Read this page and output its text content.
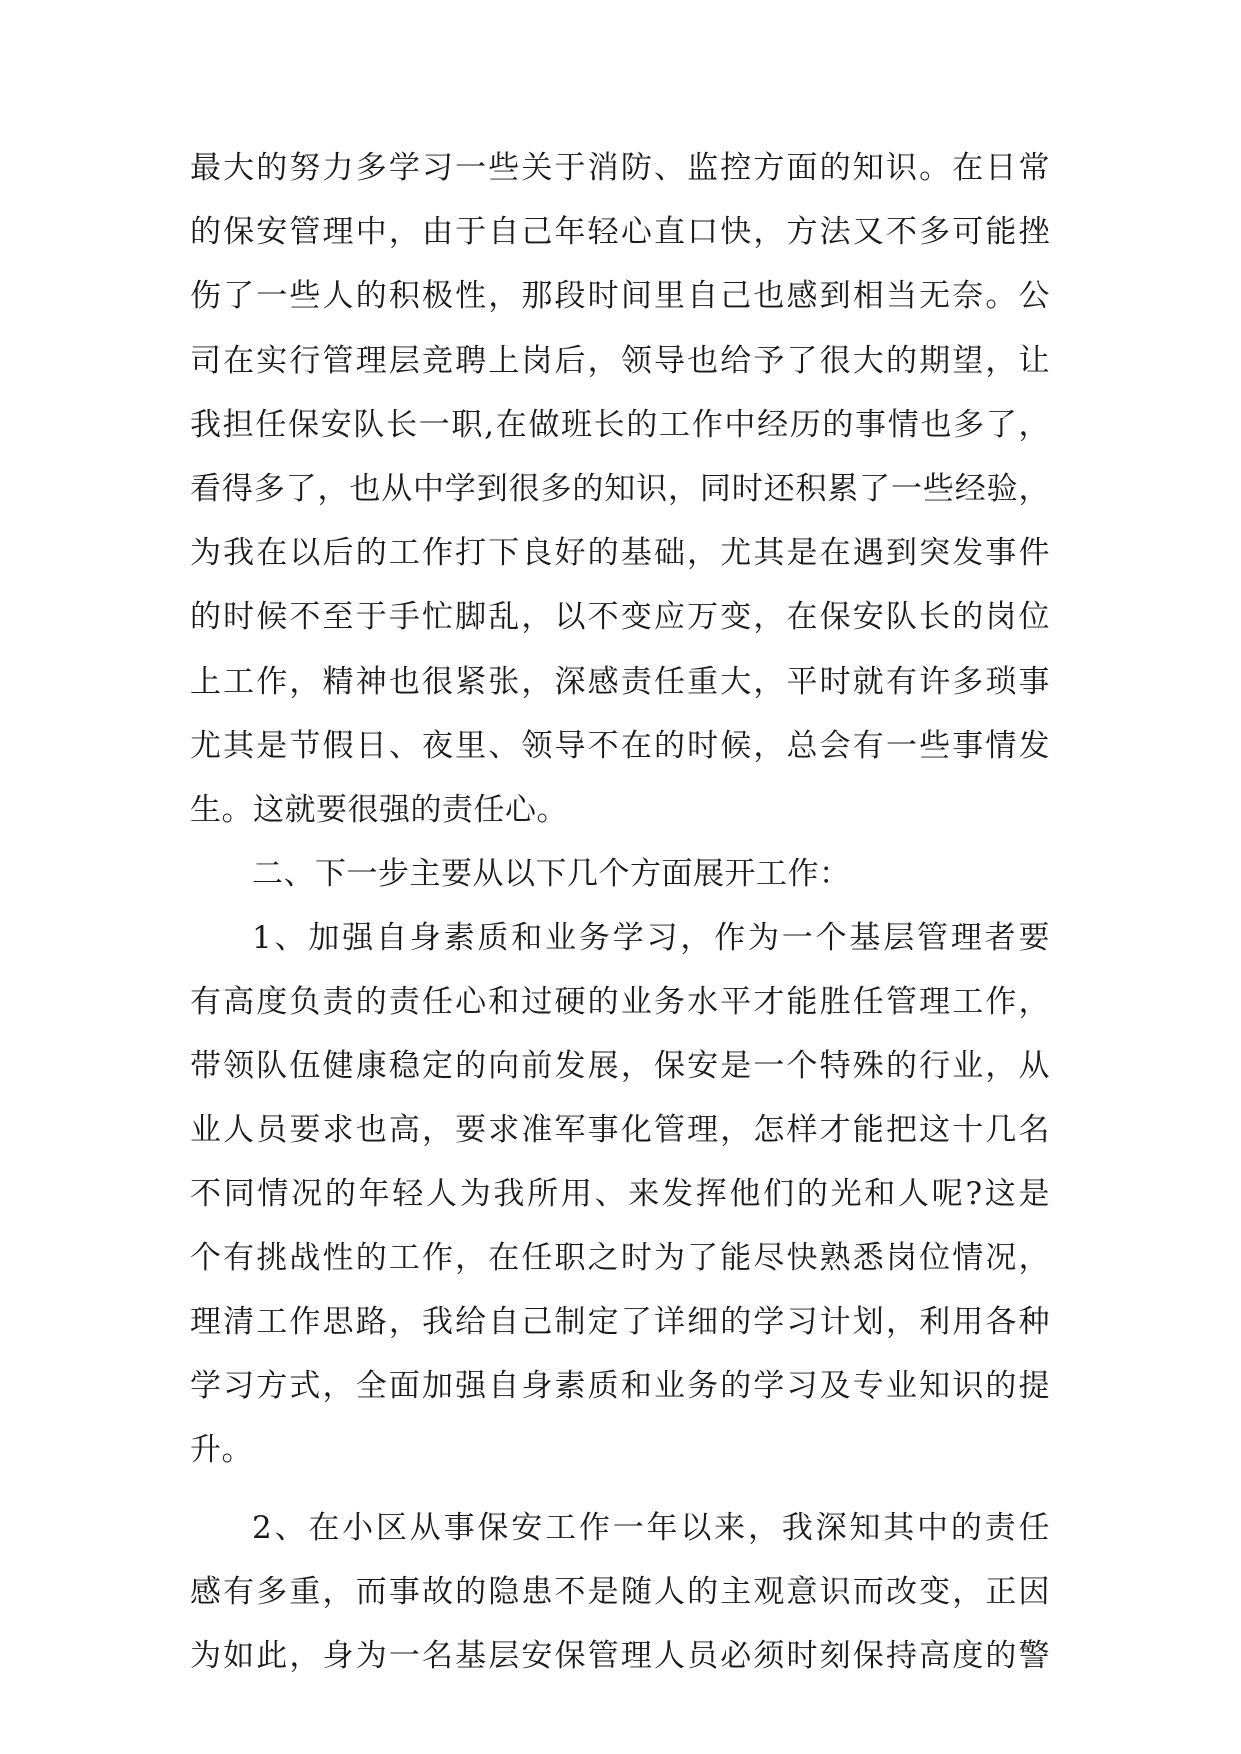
最大的努力多学习一些关于消防、监控方面的知识。在日常
的保安管理中，由于自己年轻心直口快，方法又不多可能挫
伤了一些人的积极性，那段时间里自己也感到相当无奈。公
司在实行管理层竞聘上岗后，领导也给予了很大的期望，让
我担任保安队长一职,在做班长的工作中经历的事情也多了，
看得多了，也从中学到很多的知识，同时还积累了一些经验，
为我在以后的工作打下良好的基础，尤其是在遇到突发事件
的时候不至于手忙脚乱，以不变应万变，在保安队长的岗位
上工作，精神也很紧张，深感责任重大，平时就有许多琐事
尤其是节假日、夜里、领导不在的时候，总会有一些事情发
生。这就要很强的责任心。
二、下一步主要从以下几个方面展开工作：
1、加强自身素质和业务学习，作为一个基层管理者要
有高度负责的责任心和过硬的业务水平才能胜任管理工作，
带领队伍健康稳定的向前发展，保安是一个特殊的行业，从
业人员要求也高，要求准军事化管理，怎样才能把这十几名
不同情况的年轻人为我所用、来发挥他们的光和人呢?这是
个有挑战性的工作，在任职之时为了能尽快熟悉岗位情况，
理清工作思路，我给自己制定了详细的学习计划，利用各种
学习方式，全面加强自身素质和业务的学习及专业知识的提
升。
2、在小区从事保安工作一年以来，我深知其中的责任
感有多重，而事故的隐患不是随人的主观意识而改变，正因
为如此，身为一名基层安保管理人员必须时刻保持高度的警
